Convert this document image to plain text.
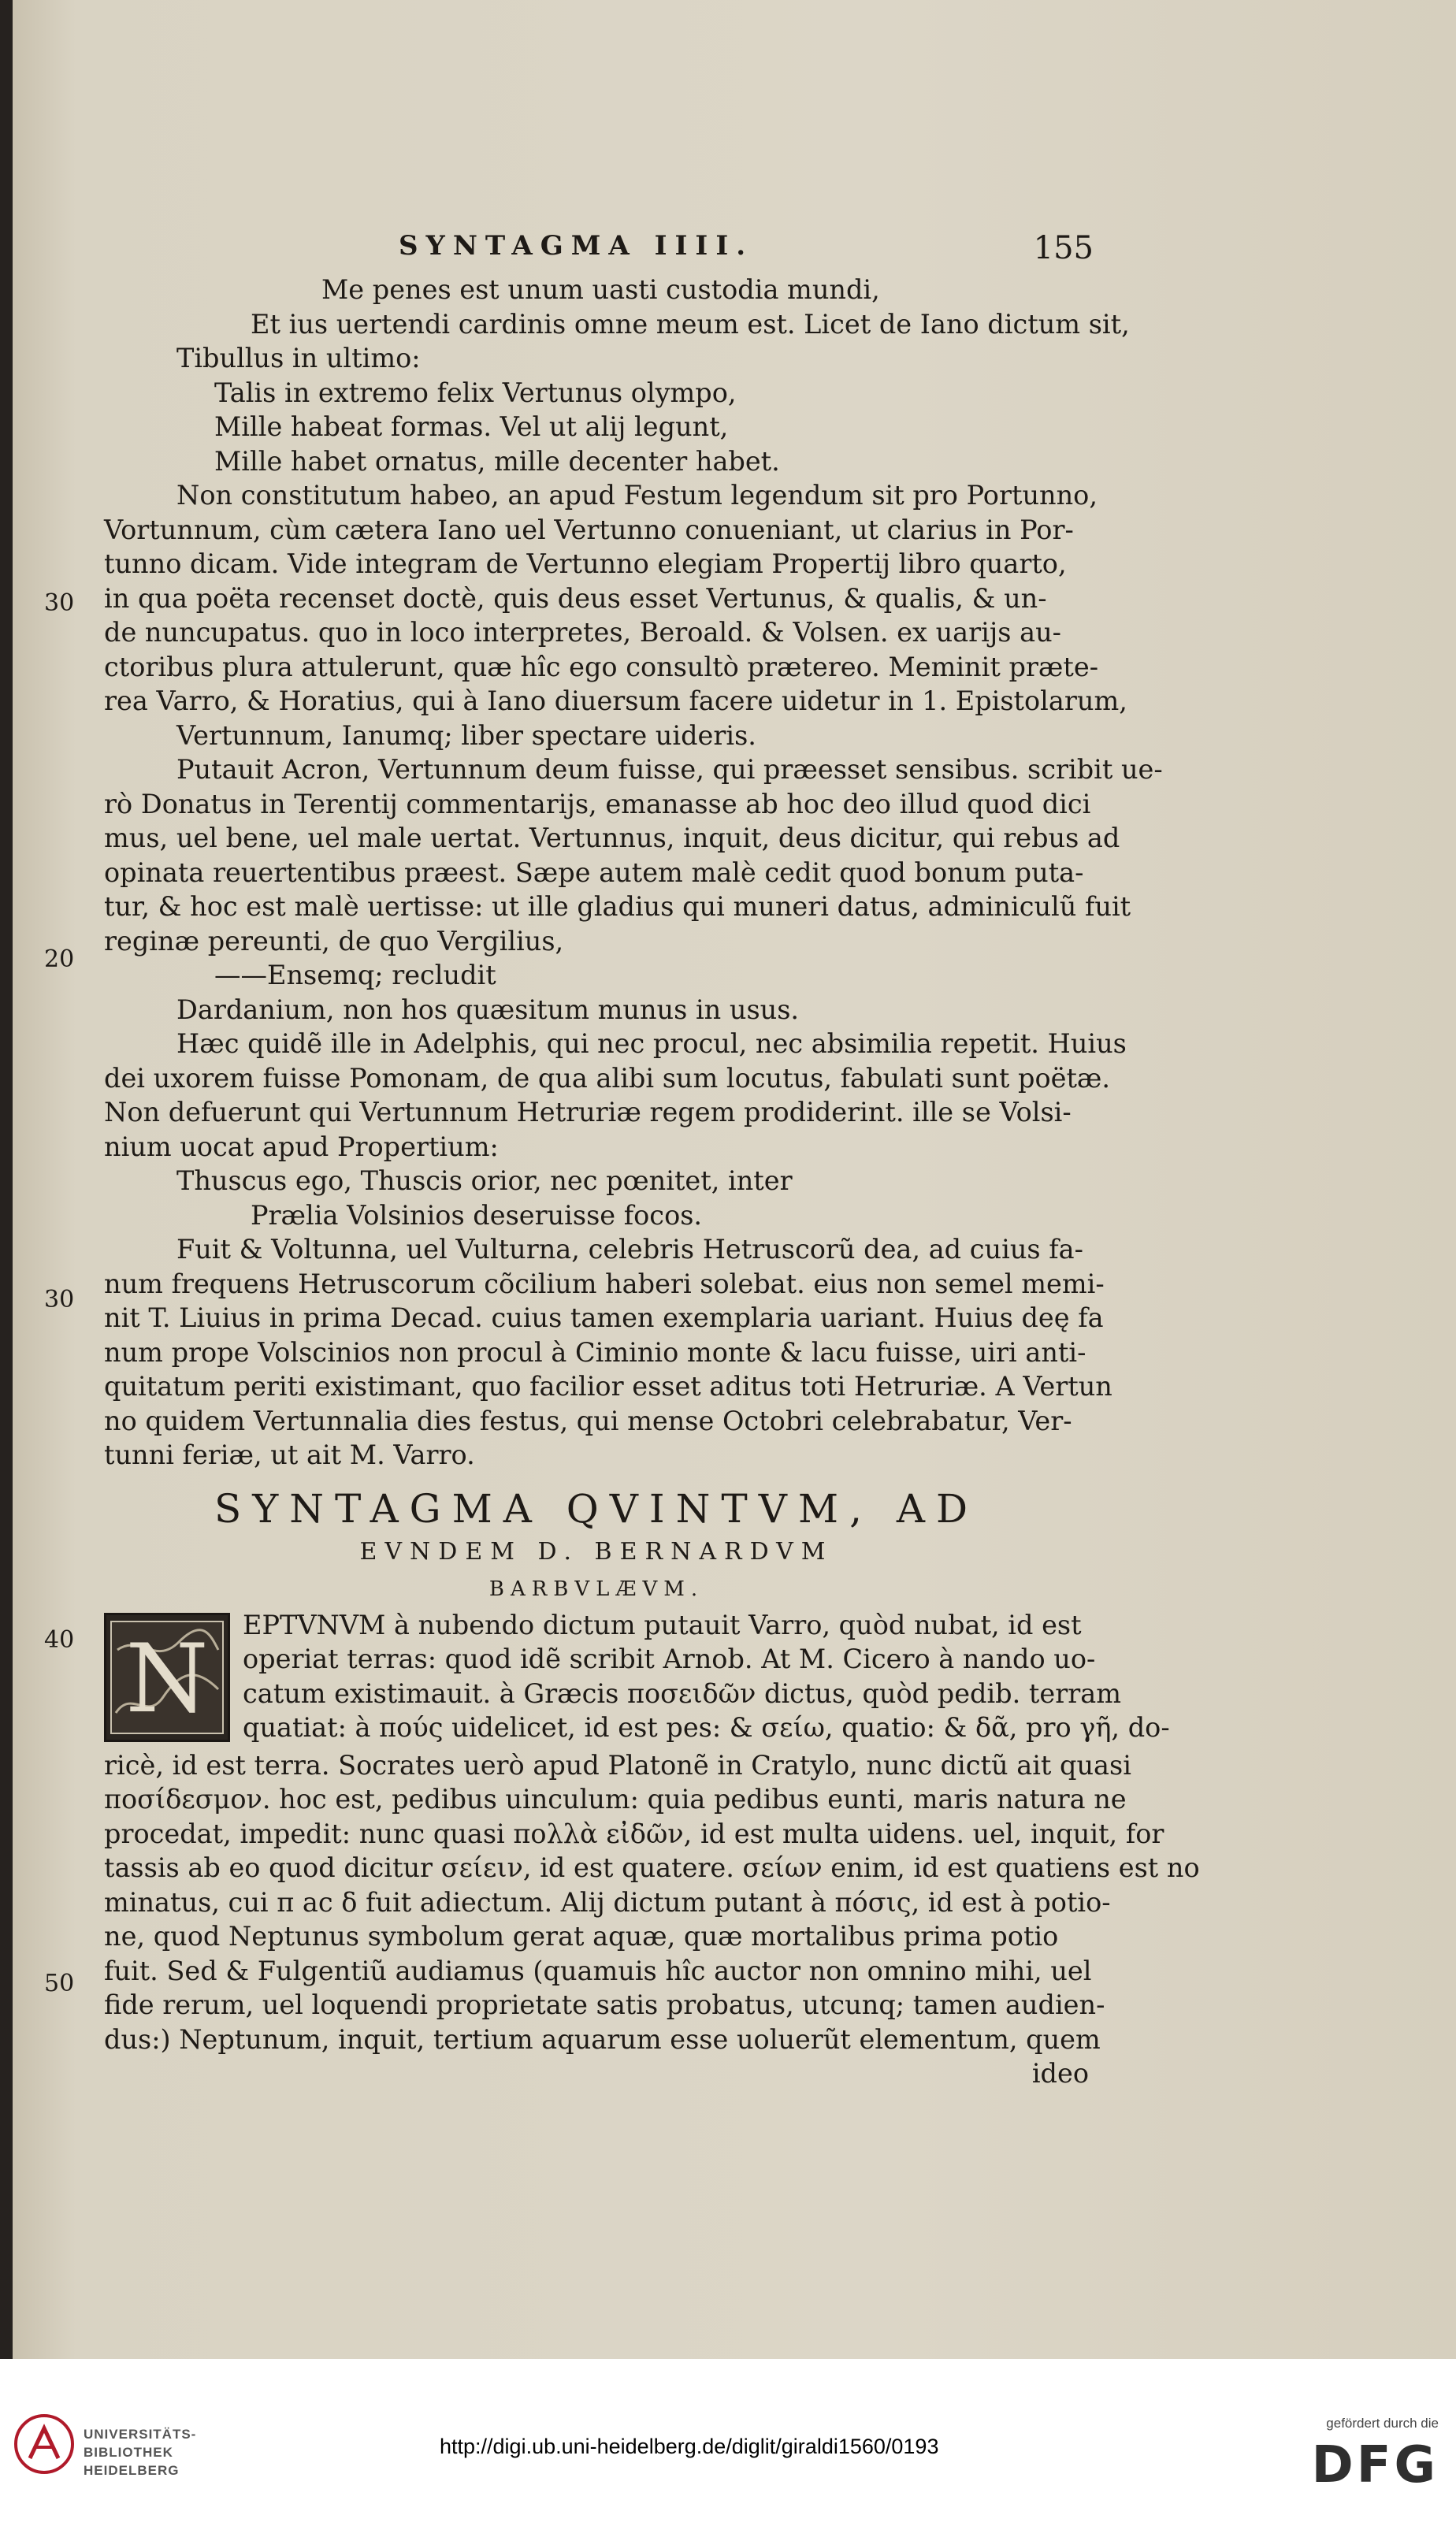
SYNTAGMA IIII.	155
30
20
30
40
50
Me penes est unum uasti custodia mundi,
Et ius uertendi cardinis omne meum est. Licet de Iano dictum sit,
Tibullus in ultimo:
Talis in extremo felix Vertunus olympo,
Mille habeat formas. Vel ut alij legunt,
Mille habet ornatus, mille decenter habet.
Non constitutum habeo, an apud Festum legendum sit pro Portunno,
Vortunnum, cùm cætera Iano uel Vertunno conueniant, ut clarius in Por-
tunno dicam. Vide integram de Vertunno elegiam Propertij libro quarto,
in qua poëta recenset doctè, quis deus esset Vertunus, & qualis, & un-
de nuncupatus. quo in loco interpretes, Beroald. & Volsen. ex uarijs au-
ctoribus plura attulerunt, quæ hîc ego consultò prætereo. Meminit præte-
rea Varro, & Horatius, qui à Iano diuersum facere uidetur in 1. Epistolarum,
Vertunnum, Ianumq; liber spectare uideris.
Putauit Acron, Vertunnum deum fuisse, qui præesset sensibus. scribit ue-
rò Donatus in Terentij commentarijs, emanasse ab hoc deo illud quod dici
mus, uel bene, uel male uertat. Vertunnus, inquit, deus dicitur, qui rebus ad
opinata reuertentibus præest. Sæpe autem malè cedit quod bonum puta-
tur, & hoc est malè uertisse: ut ille gladius qui muneri datus, adminiculũ fuit
reginæ pereunti, de quo Vergilius,
——Ensemq; recludit
Dardanium, non hos quæsitum munus in usus.
Hæc quidẽ ille in Adelphis, qui nec procul, nec absimilia repetit. Huius
dei uxorem fuisse Pomonam, de qua alibi sum locutus, fabulati sunt poëtæ.
Non defuerunt qui Vertunnum Hetruriæ regem prodiderint. ille se Volsi-
nium uocat apud Propertium:
Thuscus ego, Thuscis orior, nec pœnitet, inter
Prælia Volsinios deseruisse focos.
Fuit & Voltunna, uel Vulturna, celebris Hetruscorũ dea, ad cuius fa-
num frequens Hetruscorum cõcilium haberi solebat. eius non semel memi-
nit T. Liuius in prima Decad. cuius tamen exemplaria uariant. Huius deę fa
num prope Volscinios non procul à Ciminio monte & lacu fuisse, uiri anti-
quitatum periti existimant, quo facilior esset aditus toti Hetruriæ. A Vertun
no quidem Vertunnalia dies festus, qui mense Octobri celebrabatur, Ver-
tunni feriæ, ut ait M. Varro.
SYNTAGMA QVINTVM, AD
EVNDEM D. BERNARDVM
BARBVLÆVM.
N EPTVNVM à nubendo dictum putauit Varro, quòd nubat, id est
operiat terras: quod idẽ scribit Arnob. At M. Cicero à nando uo-
catum existimauit. à Græcis ποσειδῶν dictus, quòd pedib. terram
quatiat: à πούς uidelicet, id est pes: & σείω, quatio: & δᾶ, pro γῆ, do-
ricè, id est terra. Socrates uerò apud Platonẽ in Cratylo, nunc dictũ ait quasi
ποσίδεσμον. hoc est, pedibus uinculum: quia pedibus eunti, maris natura ne
procedat, impedit: nunc quasi πολλὰ εἰδῶν, id est multa uidens. uel, inquit, for
tassis ab eo quod dicitur σείειν, id est quatere. σείων enim, id est quatiens est no
minatus, cui π ac δ fuit adiectum. Alij dictum putant à πόσις, id est à potio-
ne, quod Neptunus symbolum gerat aquæ, quæ mortalibus prima potio
fuit. Sed & Fulgentiũ audiamus (quamuis hîc auctor non omnino mihi, uel
fide rerum, uel loquendi proprietate satis probatus, utcunq; tamen audien-
dus:) Neptunum, inquit, tertium aquarum esse uoluerũt elementum, quem
ideo
UNIVERSITÄTS-
BIBLIOTHEK
HEIDELBERG
http://digi.ub.uni-heidelberg.de/diglit/giraldi1560/0193
gefördert durch die
DFG
